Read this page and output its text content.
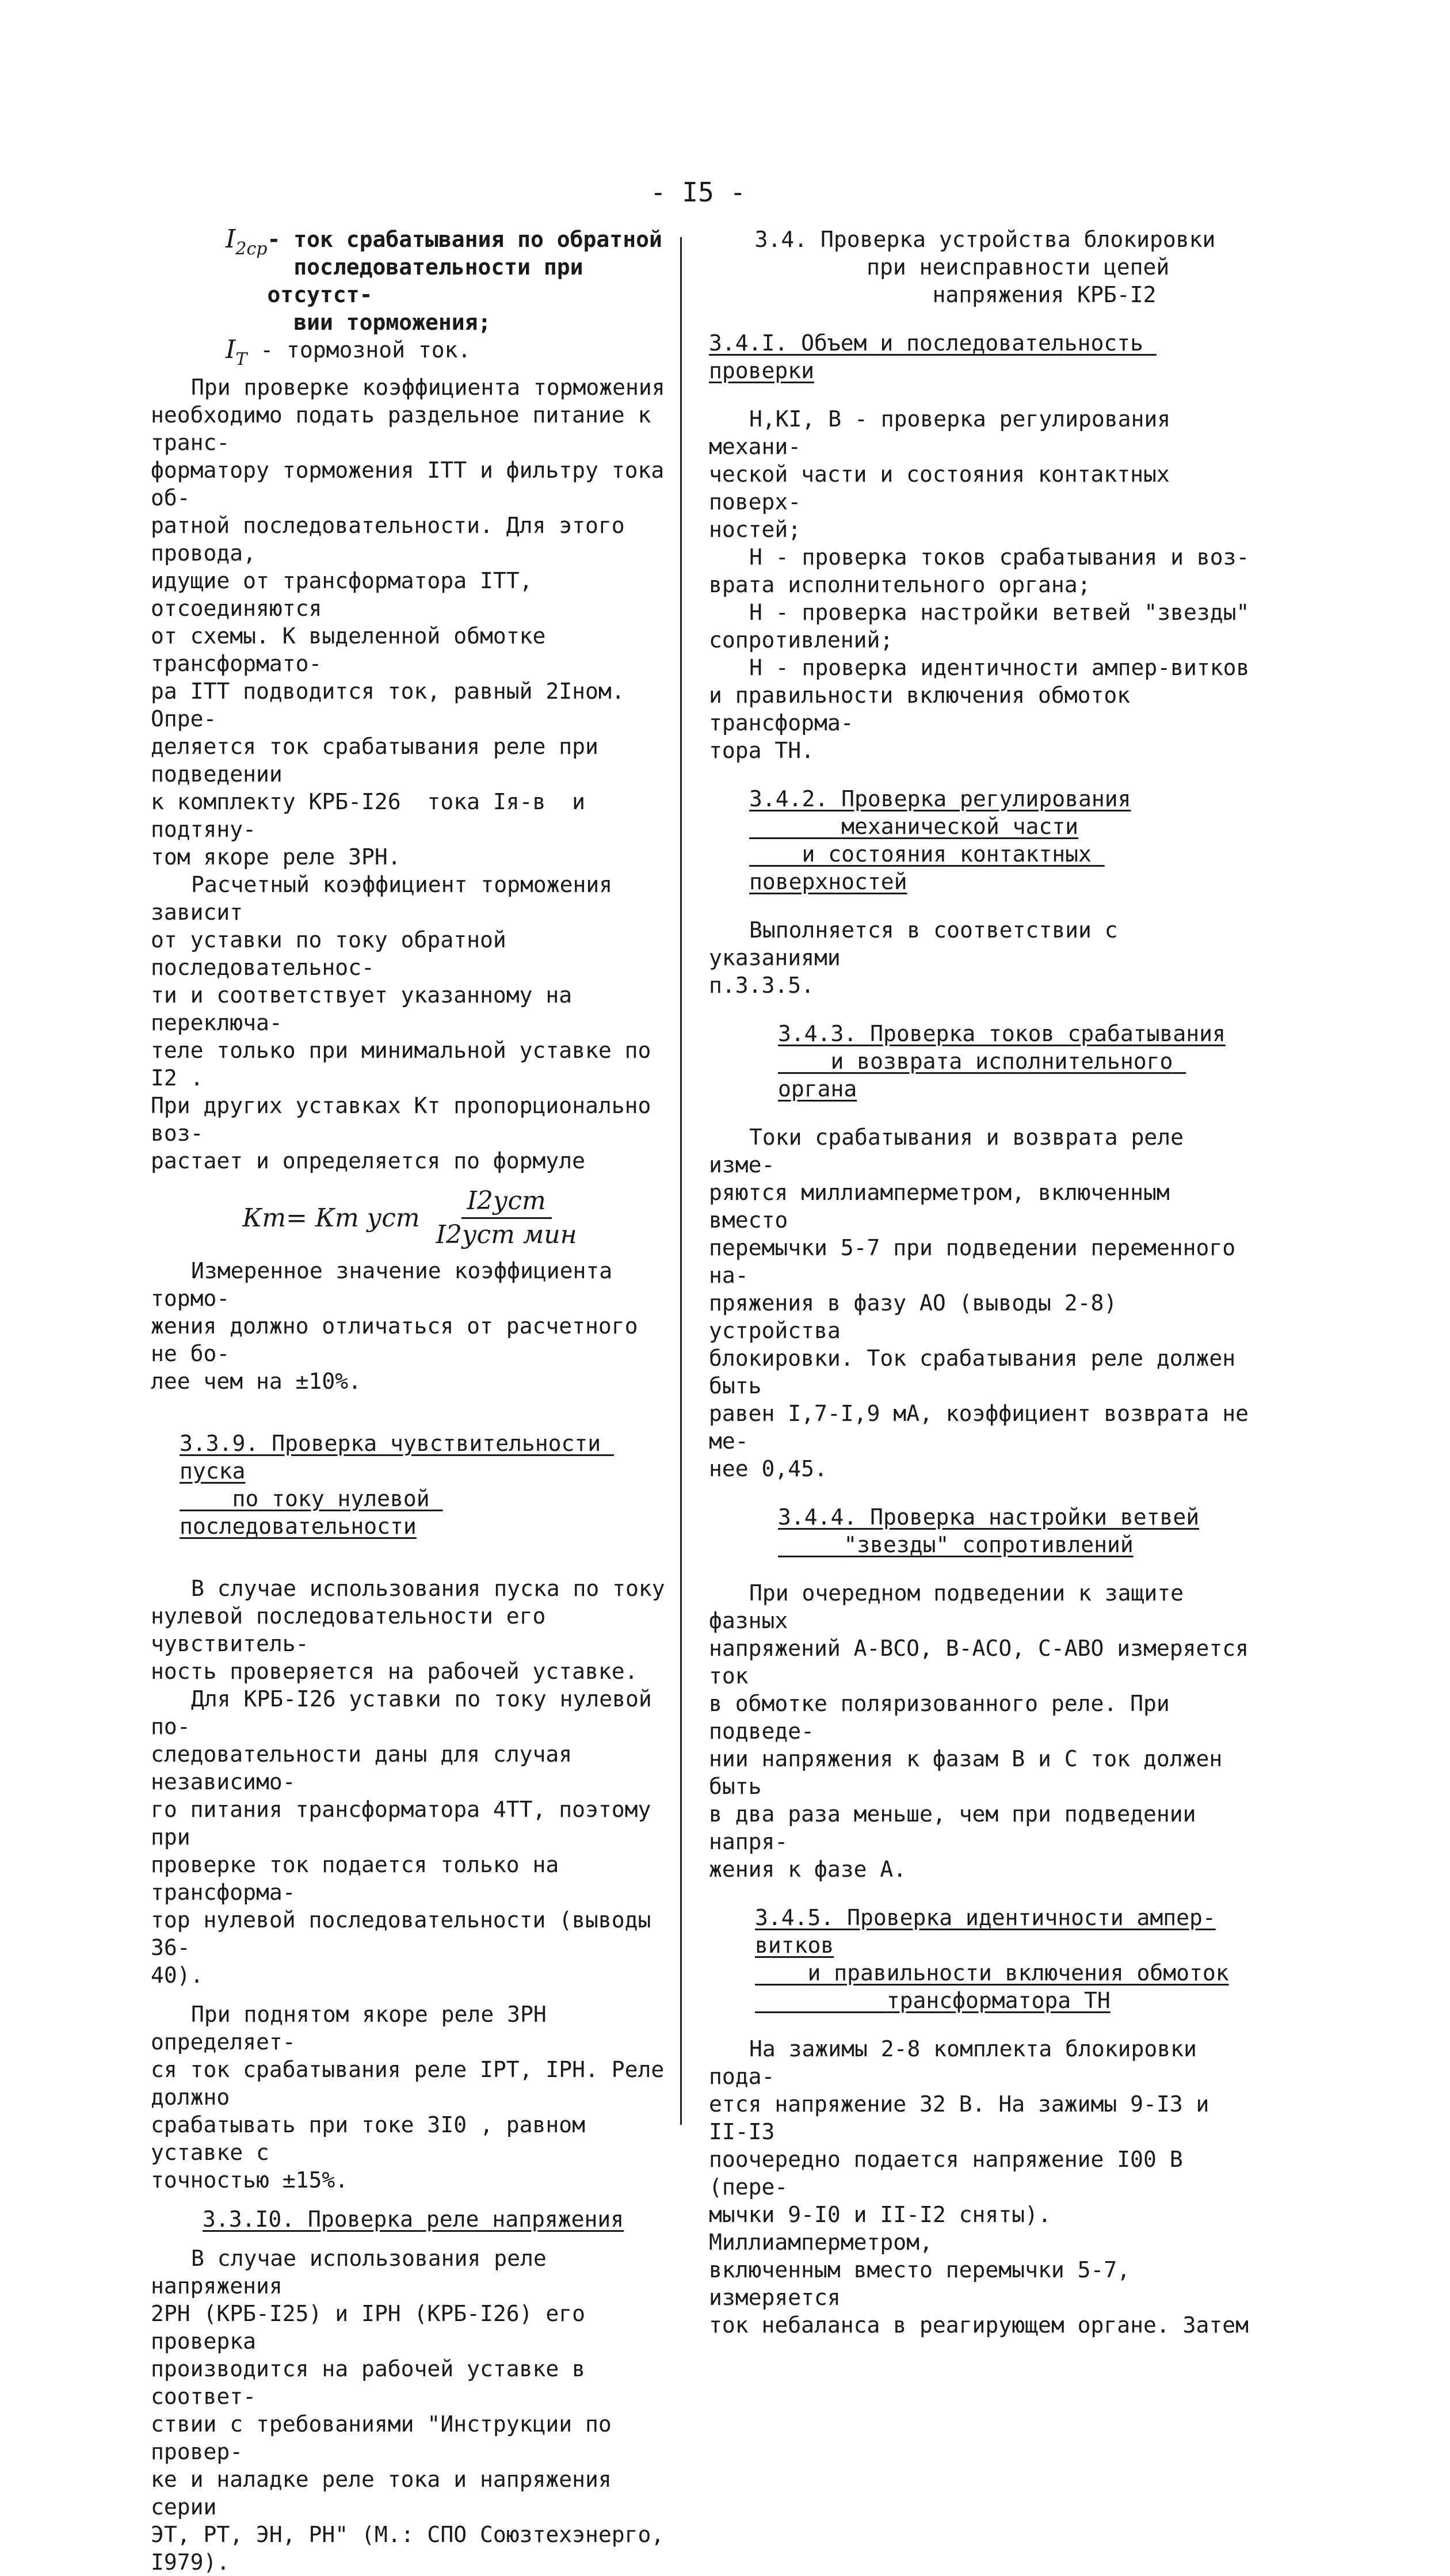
- I5 -
$I_{2ср}$ - ток срабатывания по обратной
последовательности при отсутст-
вии торможения;

$I_Т$ - тормозной ток.

При проверке коэффициента торможения
необходимо подать раздельное питание к транс-
форматору торможения ITT и фильтру тока об-
ратной последовательности. Для этого провода,
идущие от трансформатора ITT, отсоединяются
от схемы. К выделенной обмотке трансформато-
ра ITT подводится ток, равный 2Iном. Опре-
деляется ток срабатывания реле при подведении
к комплекту КРБ-I26  тока Iя-в  и подтяну-
том якоре реле 3РН.

Расчетный коэффициент торможения зависит
от уставки по току обратной последовательнос-
ти и соответствует указанному на переключа-
теле только при минимальной уставке по I2 .
При других уставках Кт пропорционально воз-
растает и определяется по формуле

Кт= Кт уст $\frac{\text{I2уст}}{\text{I2уст мин}}$

Измеренное значение коэффициента тормо-
жения должно отличаться от расчетного не бо-
лее чем на ±10%.

3.3.9. Проверка чувствительности пуска
по току нулевой последовательности

В случае использования пуска по току
нулевой последовательности его чувствитель-
ность проверяется на рабочей уставке.

Для КРБ-I26 уставки по току нулевой по-
следовательности даны для случая независимо-
го питания трансформатора 4ТТ, поэтому при
проверке ток подается только на трансформа-
тор нулевой последовательности (выводы 36-
40).

При поднятом якоре реле 3РН определяет-
ся ток срабатывания реле IРТ, IРН. Реле должно
срабатывать при токе 3I0 , равном уставке с
точностью ±15%.

3.3.I0. Проверка реле напряжения

В случае использования реле напряжения
2РН (КРБ-I25) и IРН (КРБ-I26) его проверка
производится на рабочей уставке в соответ-
ствии с требованиями "Инструкции по провер-
ке и наладке реле тока и напряжения серии
ЭТ, РТ, ЭН, РН" (М.: СПО Союзтехэнерго, I979).

3.4. Проверка устройства блокировки
при неисправности цепей
напряжения КРБ-I2

3.4.I. Объем и последовательность проверки

Н,КI, В - проверка регулирования механи-
ческой части и состояния контактных поверх-
ностей;

Н - проверка токов срабатывания и воз-
врата исполнительного органа;

Н - проверка настройки ветвей "звезды"
сопротивлений;

Н - проверка идентичности ампер-витков
и правильности включения обмоток трансформа-
тора ТН.

3.4.2. Проверка регулирования
механической части
и состояния контактных поверхностей

Выполняется в соответствии с указаниями
п.3.3.5.

3.4.3. Проверка токов срабатывания
и возврата исполнительного органа

Токи срабатывания и возврата реле изме-
ряются миллиамперметром, включенным вместо
перемычки 5-7 при подведении переменного на-
пряжения в фазу АО (выводы 2-8) устройства
блокировки. Ток срабатывания реле должен быть
равен I,7-I,9 мА, коэффициент возврата не ме-
нее 0,45.

3.4.4. Проверка настройки ветвей
"звезды" сопротивлений

При очередном подведении к защите фазных
напряжений А-ВСО, В-АСО, С-АВО измеряется ток
в обмотке поляризованного реле. При подведе-
нии напряжения к фазам В и С ток должен быть
в два раза меньше, чем при подведении напря-
жения к фазе А.

3.4.5. Проверка идентичности ампер-витков
и правильности включения обмоток
трансформатора ТН

На зажимы 2-8 комплекта блокировки пода-
ется напряжение 32 В. На зажимы 9-I3 и II-I3
поочередно подается напряжение I00 В (пере-
мычки 9-I0 и II-I2 сняты). Миллиамперметром,
включенным вместо перемычки 5-7, измеряется
ток небаланса в реагирующем органе. Затем
